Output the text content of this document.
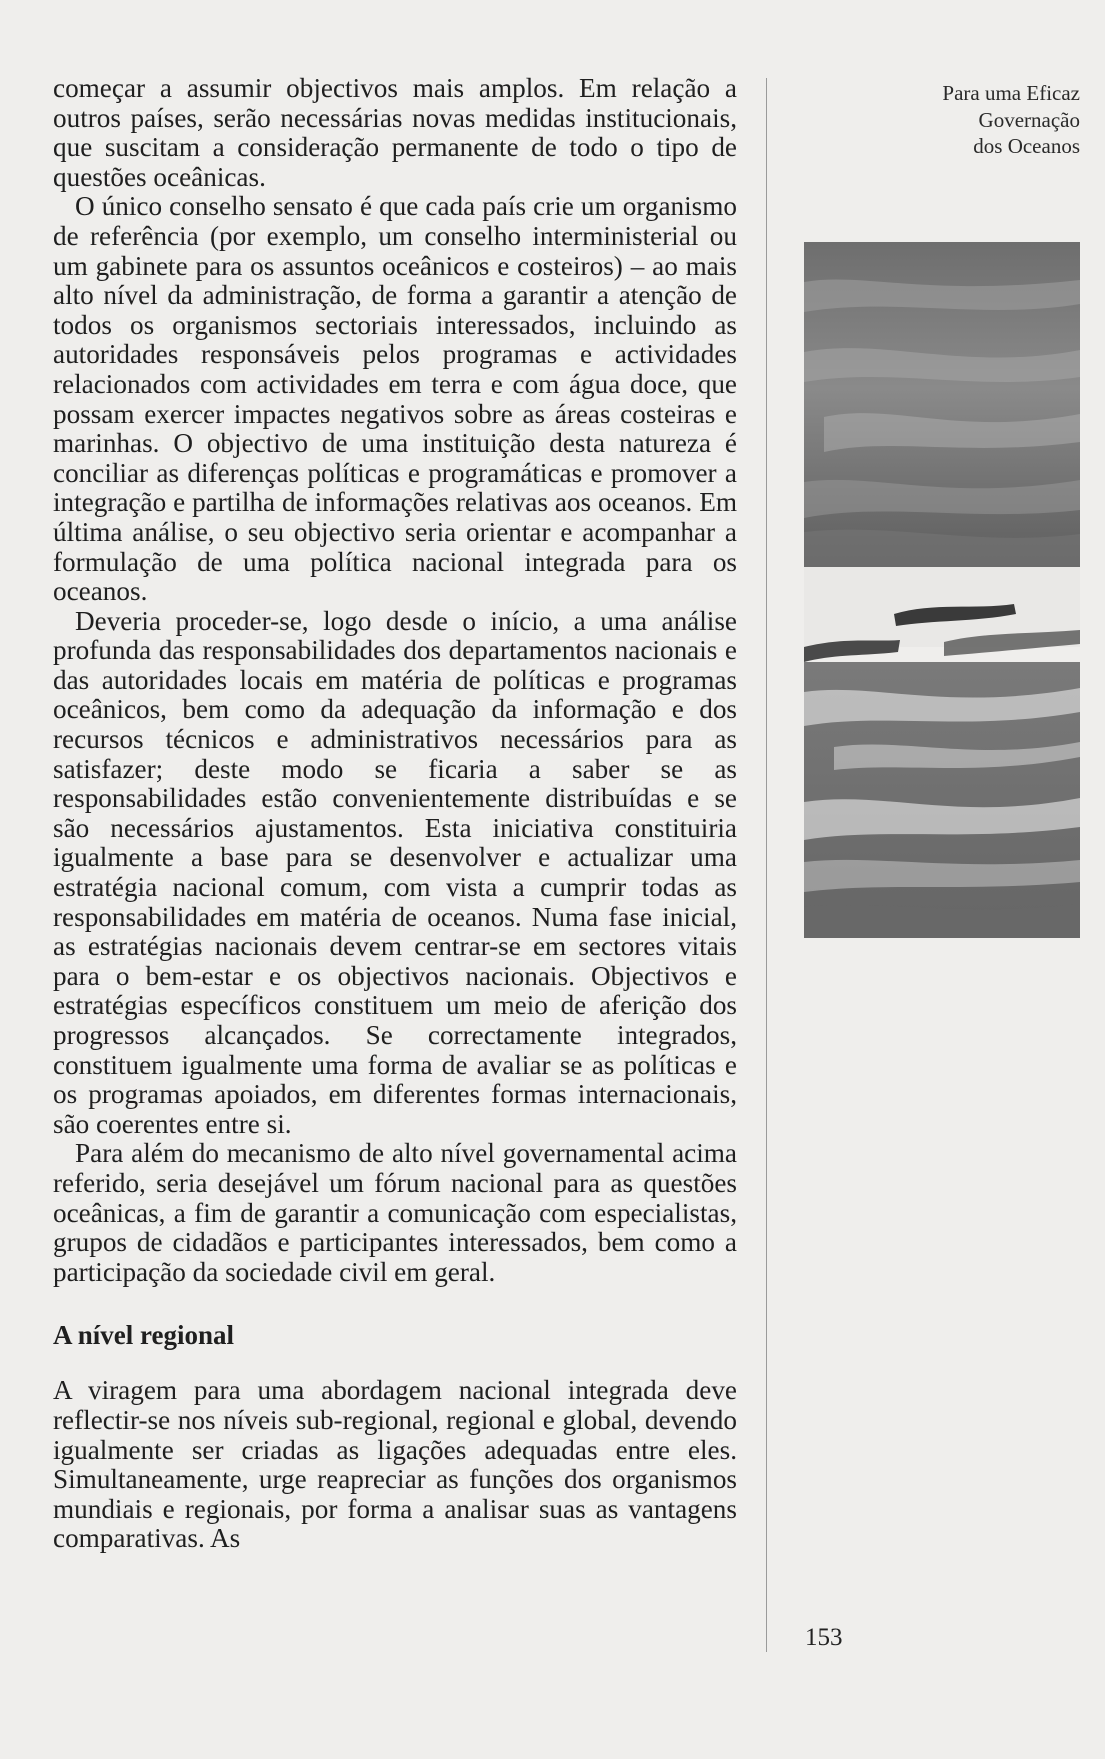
começar a assumir objectivos mais amplos. Em relação a outros países, serão necessárias novas medidas institucionais, que suscitam a consideração permanente de todo o tipo de questões oceânicas.

O único conselho sensato é que cada país crie um organismo de referência (por exemplo, um conselho interministerial ou um gabinete para os assuntos oceânicos e costeiros) – ao mais alto nível da administração, de forma a garantir a atenção de todos os organismos sectoriais interessados, incluindo as autoridades responsáveis pelos programas e actividades relacionados com actividades em terra e com água doce, que possam exercer impactes negativos sobre as áreas costeiras e marinhas. O objectivo de uma instituição desta natureza é conciliar as diferenças políticas e programáticas e promover a integração e partilha de informações relativas aos oceanos. Em última análise, o seu objectivo seria orientar e acompanhar a formulação de uma política nacional integrada para os oceanos.

Deveria proceder-se, logo desde o início, a uma análise profunda das responsabilidades dos departamentos nacionais e das autoridades locais em matéria de políticas e programas oceânicos, bem como da adequação da informação e dos recursos técnicos e administrativos necessários para as satisfazer; deste modo se ficaria a saber se as responsabilidades estão convenientemente distribuídas e se são necessários ajustamentos. Esta iniciativa constituiria igualmente a base para se desenvolver e actualizar uma estratégia nacional comum, com vista a cumprir todas as responsabilidades em matéria de oceanos. Numa fase inicial, as estratégias nacionais devem centrar-se em sectores vitais para o bem-estar e os objectivos nacionais. Objectivos e estratégias específicos constituem um meio de aferição dos progressos alcançados. Se correctamente integrados, constituem igualmente uma forma de avaliar se as políticas e os programas apoiados, em diferentes formas internacionais, são coerentes entre si.

Para além do mecanismo de alto nível governamental acima referido, seria desejável um fórum nacional para as questões oceânicas, a fim de garantir a comunicação com especialistas, grupos de cidadãos e participantes interessados, bem como a participação da sociedade civil em geral.

A nível regional

A viragem para uma abordagem nacional integrada deve reflectir-se nos níveis sub-regional, regional e global, devendo igualmente ser criadas as ligações adequadas entre eles. Simultaneamente, urge reapreciar as funções dos organismos mundiais e regionais, por forma a analisar suas as vantagens comparativas. As

Para uma Eficaz
Governação
dos Oceanos
153
